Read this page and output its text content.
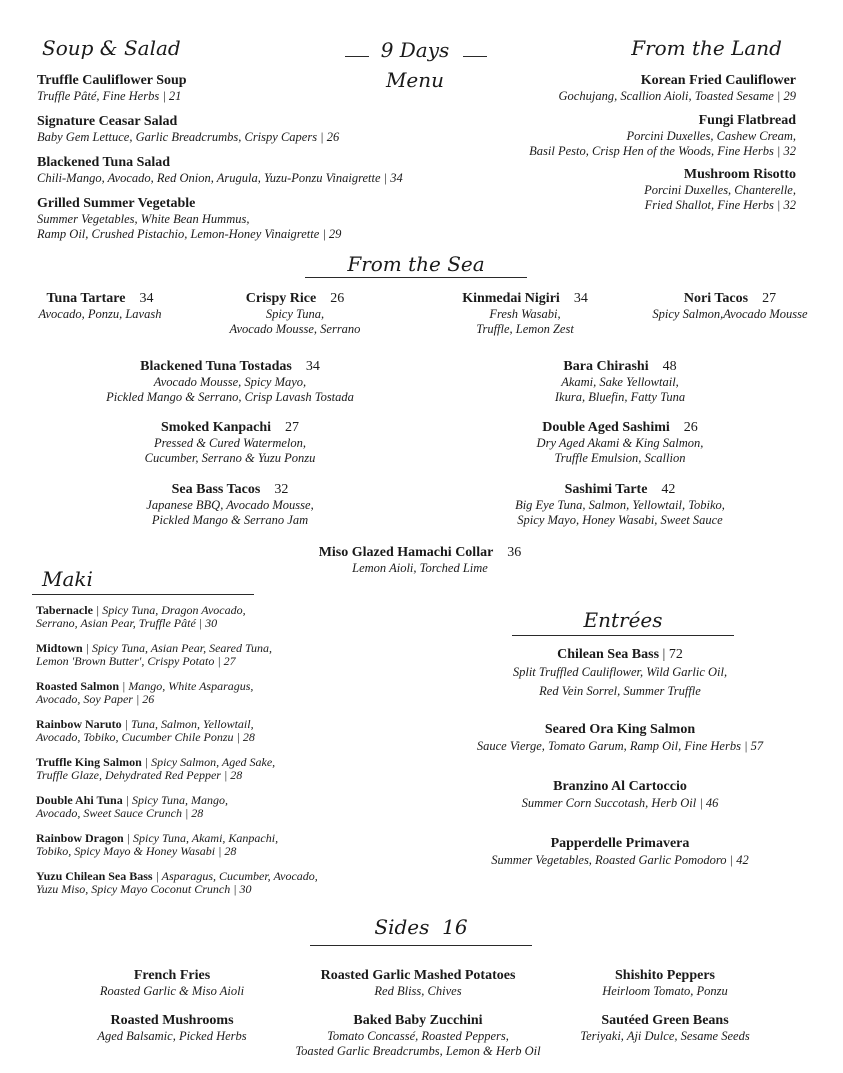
Soup & Salad	9 Days
Menu
From the Land
Truffle Cauliflower Soup
Truffle Pâté, Fine Herbs | 21
Signature Ceasar Salad
Baby Gem Lettuce, Garlic Breadcrumbs, Crispy Capers | 26
Blackened Tuna Salad
Chili-Mango, Avocado, Red Onion, Arugula, Yuzu-Ponzu Vinaigrette | 34
Grilled Summer Vegetable
Summer Vegetables, White Bean Hummus,
Ramp Oil, Crushed Pistachio, Lemon-Honey Vinaigrette | 29
Korean Fried Cauliflower
Gochujang, Scallion Aioli, Toasted Sesame | 29
Fungi Flatbread
Porcini Duxelles, Cashew Cream,
Basil Pesto, Crisp Hen of the Woods, Fine Herbs | 32
Mushroom Risotto
Porcini Duxelles, Chanterelle,
Fried Shallot, Fine Herbs | 32
From the Sea
Tuna Tartare 34
Avocado, Ponzu, Lavash
Crispy Rice 26
Spicy Tuna,
Avocado Mousse, Serrano
Kinmedai Nigiri 34
Fresh Wasabi,
Truffle, Lemon Zest
Nori Tacos 27
Spicy Salmon,Avocado Mousse
Blackened Tuna Tostadas 34
Avocado Mousse, Spicy Mayo,
Pickled Mango & Serrano, Crisp Lavash Tostada
Bara Chirashi 48
Akami, Sake Yellowtail,
Ikura, Bluefin, Fatty Tuna
Smoked Kanpachi 27
Pressed & Cured Watermelon,
Cucumber, Serrano & Yuzu Ponzu
Double Aged Sashimi 26
Dry Aged Akami & King Salmon,
Truffle Emulsion, Scallion
Sea Bass Tacos 32
Japanese BBQ, Avocado Mousse,
Pickled Mango & Serrano Jam
Sashimi Tarte 42
Big Eye Tuna, Salmon, Yellowtail, Tobiko,
Spicy Mayo, Honey Wasabi, Sweet Sauce
Miso Glazed Hamachi Collar 36
Lemon Aioli, Torched Lime
Maki
Tabernacle | Spicy Tuna, Dragon Avocado,
Serrano, Asian Pear, Truffle Pâté | 30
Midtown | Spicy Tuna, Asian Pear, Seared Tuna,
Lemon 'Brown Butter', Crispy Potato | 27
Roasted Salmon | Mango, White Asparagus,
Avocado, Soy Paper | 26
Rainbow Naruto | Tuna, Salmon, Yellowtail,
Avocado, Tobiko, Cucumber Chile Ponzu | 28
Truffle King Salmon | Spicy Salmon, Aged Sake,
Truffle Glaze, Dehydrated Red Pepper | 28
Double Ahi Tuna | Spicy Tuna, Mango,
Avocado, Sweet Sauce Crunch | 28
Rainbow Dragon | Spicy Tuna, Akami, Kanpachi,
Tobiko, Spicy Mayo & Honey Wasabi | 28
Yuzu Chilean Sea Bass | Asparagus, Cucumber, Avocado,
Yuzu Miso, Spicy Mayo Coconut Crunch | 30
Entrées
Chilean Sea Bass | 72
Split Truffled Cauliflower, Wild Garlic Oil,
Red Vein Sorrel, Summer Truffle
Seared Ora King Salmon
Sauce Vierge, Tomato Garum, Ramp Oil, Fine Herbs | 57
Branzino Al Cartoccio
Summer Corn Succotash, Herb Oil | 46
Papperdelle Primavera
Summer Vegetables, Roasted Garlic Pomodoro | 42
Sides 16
French Fries
Roasted Garlic & Miso Aioli
Roasted Garlic Mashed Potatoes
Red Bliss, Chives
Shishito Peppers
Heirloom Tomato, Ponzu
Roasted Mushrooms
Aged Balsamic, Picked Herbs
Baked Baby Zucchini
Tomato Concassé, Roasted Peppers,
Toasted Garlic Breadcrumbs, Lemon & Herb Oil
Sautéed Green Beans
Teriyaki, Aji Dulce, Sesame Seeds
